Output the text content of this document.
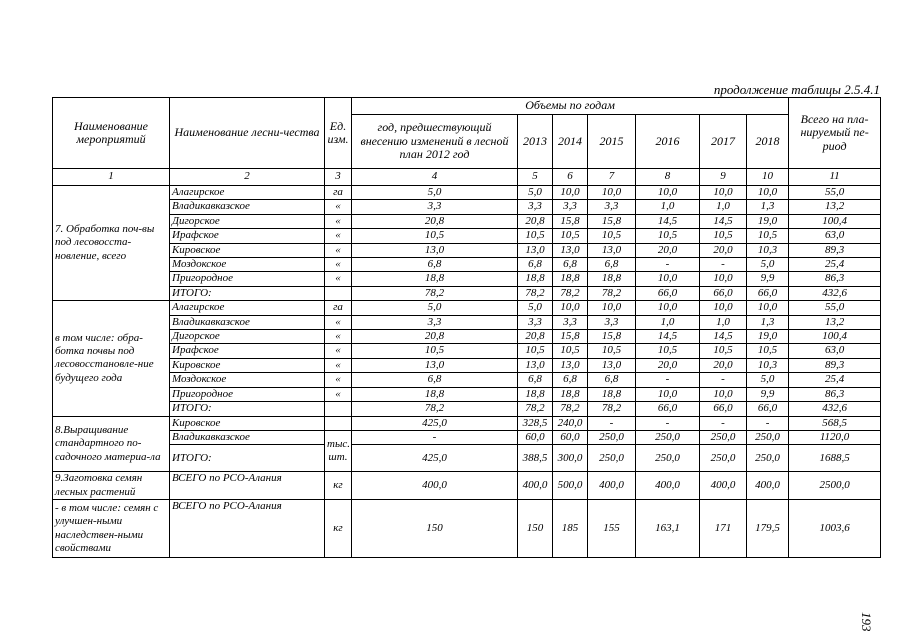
продолжение таблицы 2.5.4.1
Наименование мероприятий	Наименование лесни-чества	Ед. изм.	Объемы по годам							Всего на пла-нируемый пе-риод
			год, предшествующий внесению изменений в лесной план 2012 год	2013	2014	2015	2016	2017	2018	
1	2	3	4	5	6	7	8	9	10	11
7. Обработка поч-вы под лесовосста-новление, всего	Алагирское	га	5,0	5,0	10,0	10,0	10,0	10,0	10,0	55,0
	Владикавказское	«	3,3	3,3	3,3	3,3	1,0	1,0	1,3	13,2
	Дигорское	«	20,8	20,8	15,8	15,8	14,5	14,5	19,0	100,4
	Ирафское	«	10,5	10,5	10,5	10,5	10,5	10,5	10,5	63,0
	Кировское	«	13,0	13,0	13,0	13,0	20,0	20,0	10,3	89,3
	Моздокское	«	6,8	6,8	6,8	6,8	-	-	5,0	25,4
	Пригородное	«	18,8	18,8	18,8	18,8	10,0	10,0	9,9	86,3
	ИТОГО:		78,2	78,2	78,2	78,2	66,0	66,0	66,0	432,6
в том числе: обра-ботка почвы под лесовосстановле-ние будущего года	Алагирское	га	5,0	5,0	10,0	10,0	10,0	10,0	10,0	55,0
	Владикавказское	«	3,3	3,3	3,3	3,3	1,0	1,0	1,3	13,2
	Дигорское	«	20,8	20,8	15,8	15,8	14,5	14,5	19,0	100,4
	Ирафское	«	10,5	10,5	10,5	10,5	10,5	10,5	10,5	63,0
	Кировское	«	13,0	13,0	13,0	13,0	20,0	20,0	10,3	89,3
	Моздокское	«	6,8	6,8	6,8	6,8	-	-	5,0	25,4
	Пригородное	«	18,8	18,8	18,8	18,8	10,0	10,0	9,9	86,3
	ИТОГО:		78,2	78,2	78,2	78,2	66,0	66,0	66,0	432,6
8.Выращивание стандартного по-садочного материа-ла	Кировское		425,0	328,5	240,0	-	-	-	-	568,5
	Владикавказское	тыс. шт.	-	60,0	60,0	250,0	250,0	250,0	250,0	1120,0
	ИТОГО:		425,0	388,5	300,0	250,0	250,0	250,0	250,0	1688,5
9.Заготовка семян лесных растений	ВСЕГО по РСО-Алания	кг	400,0	400,0	500,0	400,0	400,0	400,0	400,0	2500,0
- в том числе: семян с улучшен-ными наследствен-ными свойствами	ВСЕГО по РСО-Алания	кг	150	150	185	155	163,1	171	179,5	1003,6
193
